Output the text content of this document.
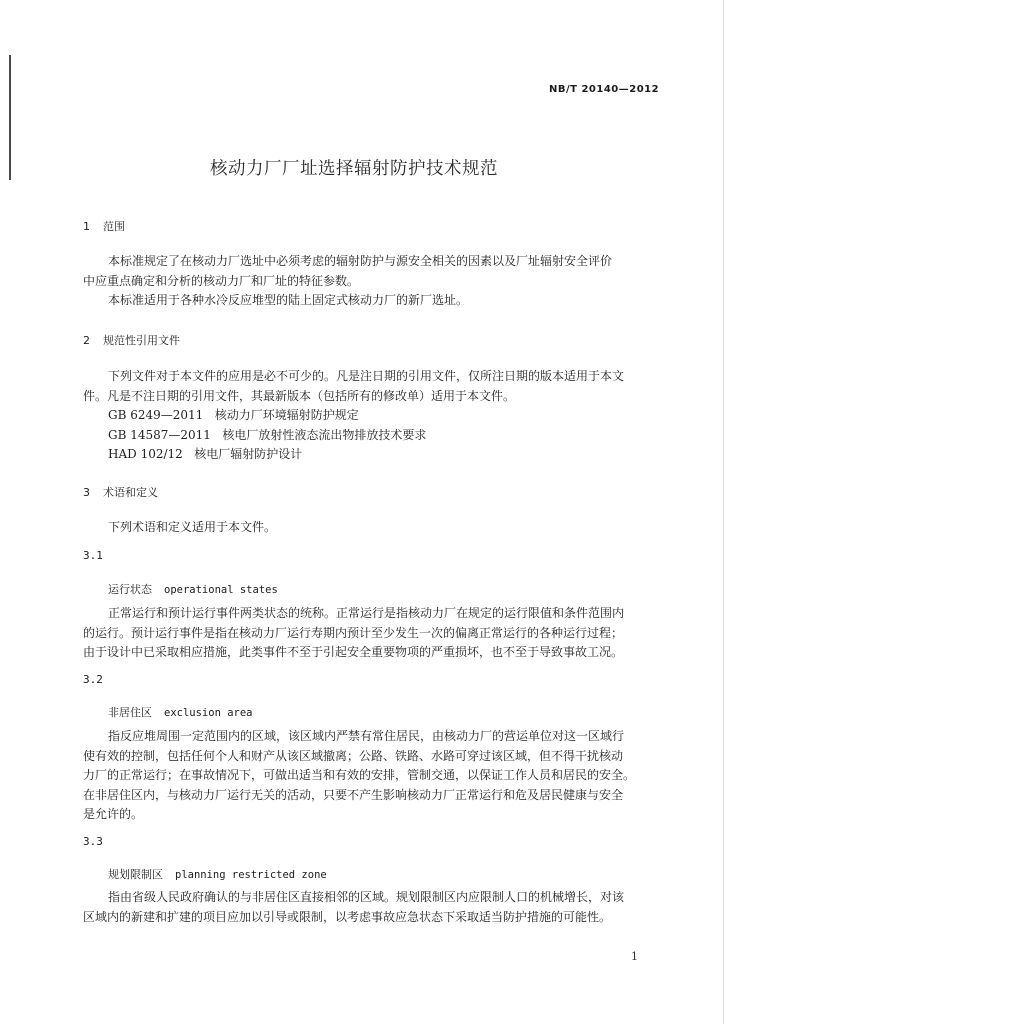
NB/T 20140—2012
核动力厂厂址选择辐射防护技术规范
1 范围
本标准规定了在核动力厂选址中必须考虑的辐射防护与源安全相关的因素以及厂址辐射安全评价
中应重点确定和分析的核动力厂和厂址的特征参数。
本标准适用于各种水冷反应堆型的陆上固定式核动力厂的新厂选址。
2 规范性引用文件
下列文件对于本文件的应用是必不可少的。凡是注日期的引用文件，仅所注日期的版本适用于本文
件。凡是不注日期的引用文件，其最新版本（包括所有的修改单）适用于本文件。
GB 6249—2011 核动力厂环境辐射防护规定
GB 14587—2011 核电厂放射性液态流出物排放技术要求
HAD 102/12 核电厂辐射防护设计
3 术语和定义
下列术语和定义适用于本文件。
3.1
运行状态 operational states
正常运行和预计运行事件两类状态的统称。正常运行是指核动力厂在规定的运行限值和条件范围内
的运行。预计运行事件是指在核动力厂运行寿期内预计至少发生一次的偏离正常运行的各种运行过程；
由于设计中已采取相应措施，此类事件不至于引起安全重要物项的严重损坏，也不至于导致事故工况。
3.2
非居住区 exclusion area
指反应堆周围一定范围内的区域，该区域内严禁有常住居民，由核动力厂的营运单位对这一区域行
使有效的控制，包括任何个人和财产从该区域撤离；公路、铁路、水路可穿过该区域，但不得干扰核动
力厂的正常运行；在事故情况下，可做出适当和有效的安排，管制交通，以保证工作人员和居民的安全。
在非居住区内，与核动力厂运行无关的活动，只要不产生影响核动力厂正常运行和危及居民健康与安全
是允许的。
3.3
规划限制区 planning restricted zone
指由省级人民政府确认的与非居住区直接相邻的区域。规划限制区内应限制人口的机械增长，对该
区域内的新建和扩建的项目应加以引导或限制，以考虑事故应急状态下采取适当防护措施的可能性。
1
